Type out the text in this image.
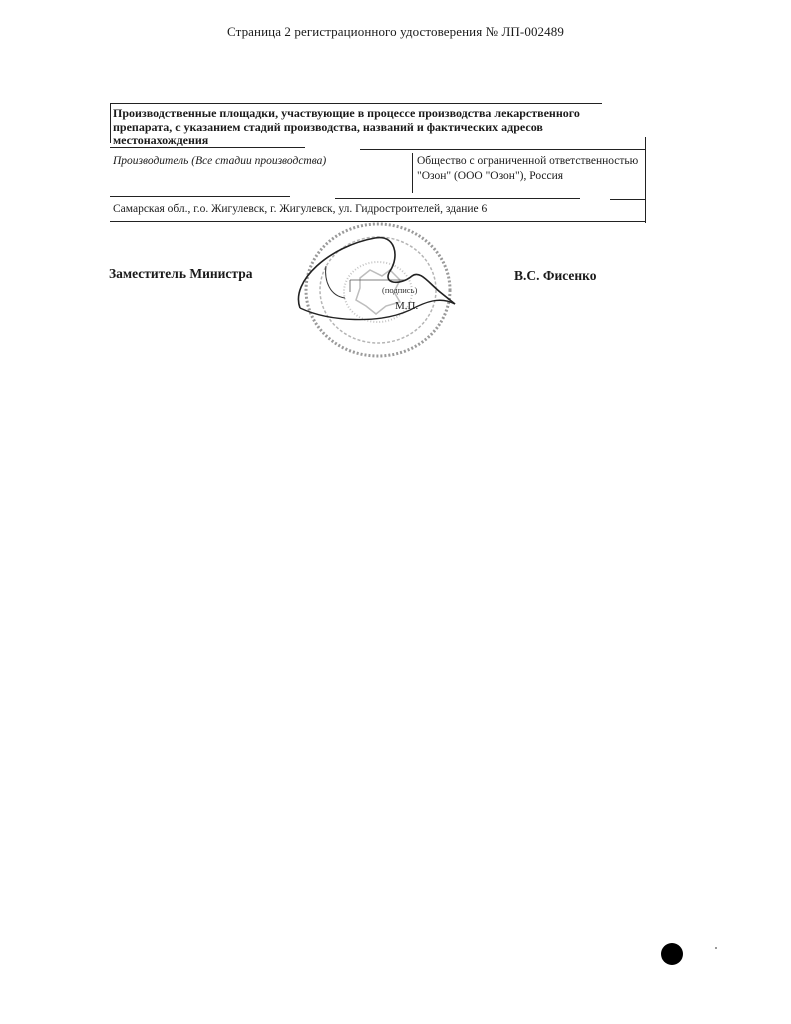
Страница 2 регистрационного удостоверения № ЛП-002489
Производственные площадки, участвующие в процессе производства лекарственного препарата, с указанием стадий производства, названий и фактических адресов местонахождения
Производитель (Все стадии производства)	Общество с ограниченной ответственностью "Озон" (ООО "Озон"), Россия
Самарская обл., г.о. Жигулевск, г. Жигулевск, ул. Гидростроителей, здание 6
(подпись)
М.П.
Заместитель Министра	В.С. Фисенко
